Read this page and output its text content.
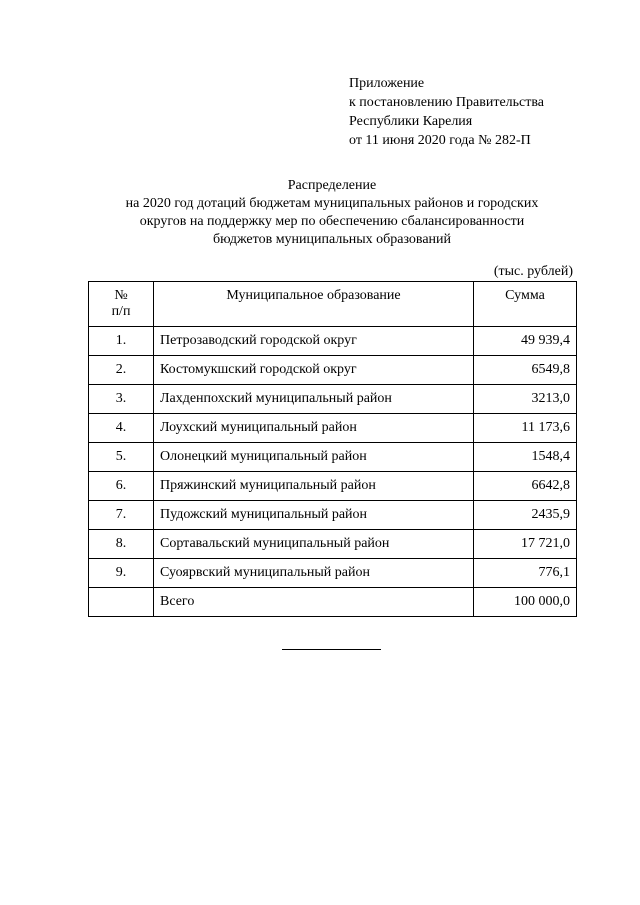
Приложение
к постановлению Правительства
Республики Карелия
от 11 июня 2020 года № 282-П
Распределение
на 2020 год дотаций бюджетам муниципальных районов и городских
округов на поддержку мер по обеспечению сбалансированности
бюджетов муниципальных образований
(тыс. рублей)
№
п/п	Муниципальное образование	Сумма
1.	Петрозаводский городской округ	49 939,4
2.	Костомукшский городской округ	6549,8
3.	Лахденпохский муниципальный район	3213,0
4.	Лоухский муниципальный район	11 173,6
5.	Олонецкий муниципальный район	1548,4
6.	Пряжинский муниципальный район	6642,8
7.	Пудожский муниципальный район	2435,9
8.	Сортавальский муниципальный район	17 721,0
9.	Суоярвский муниципальный район	776,1
	Всего	100 000,0
